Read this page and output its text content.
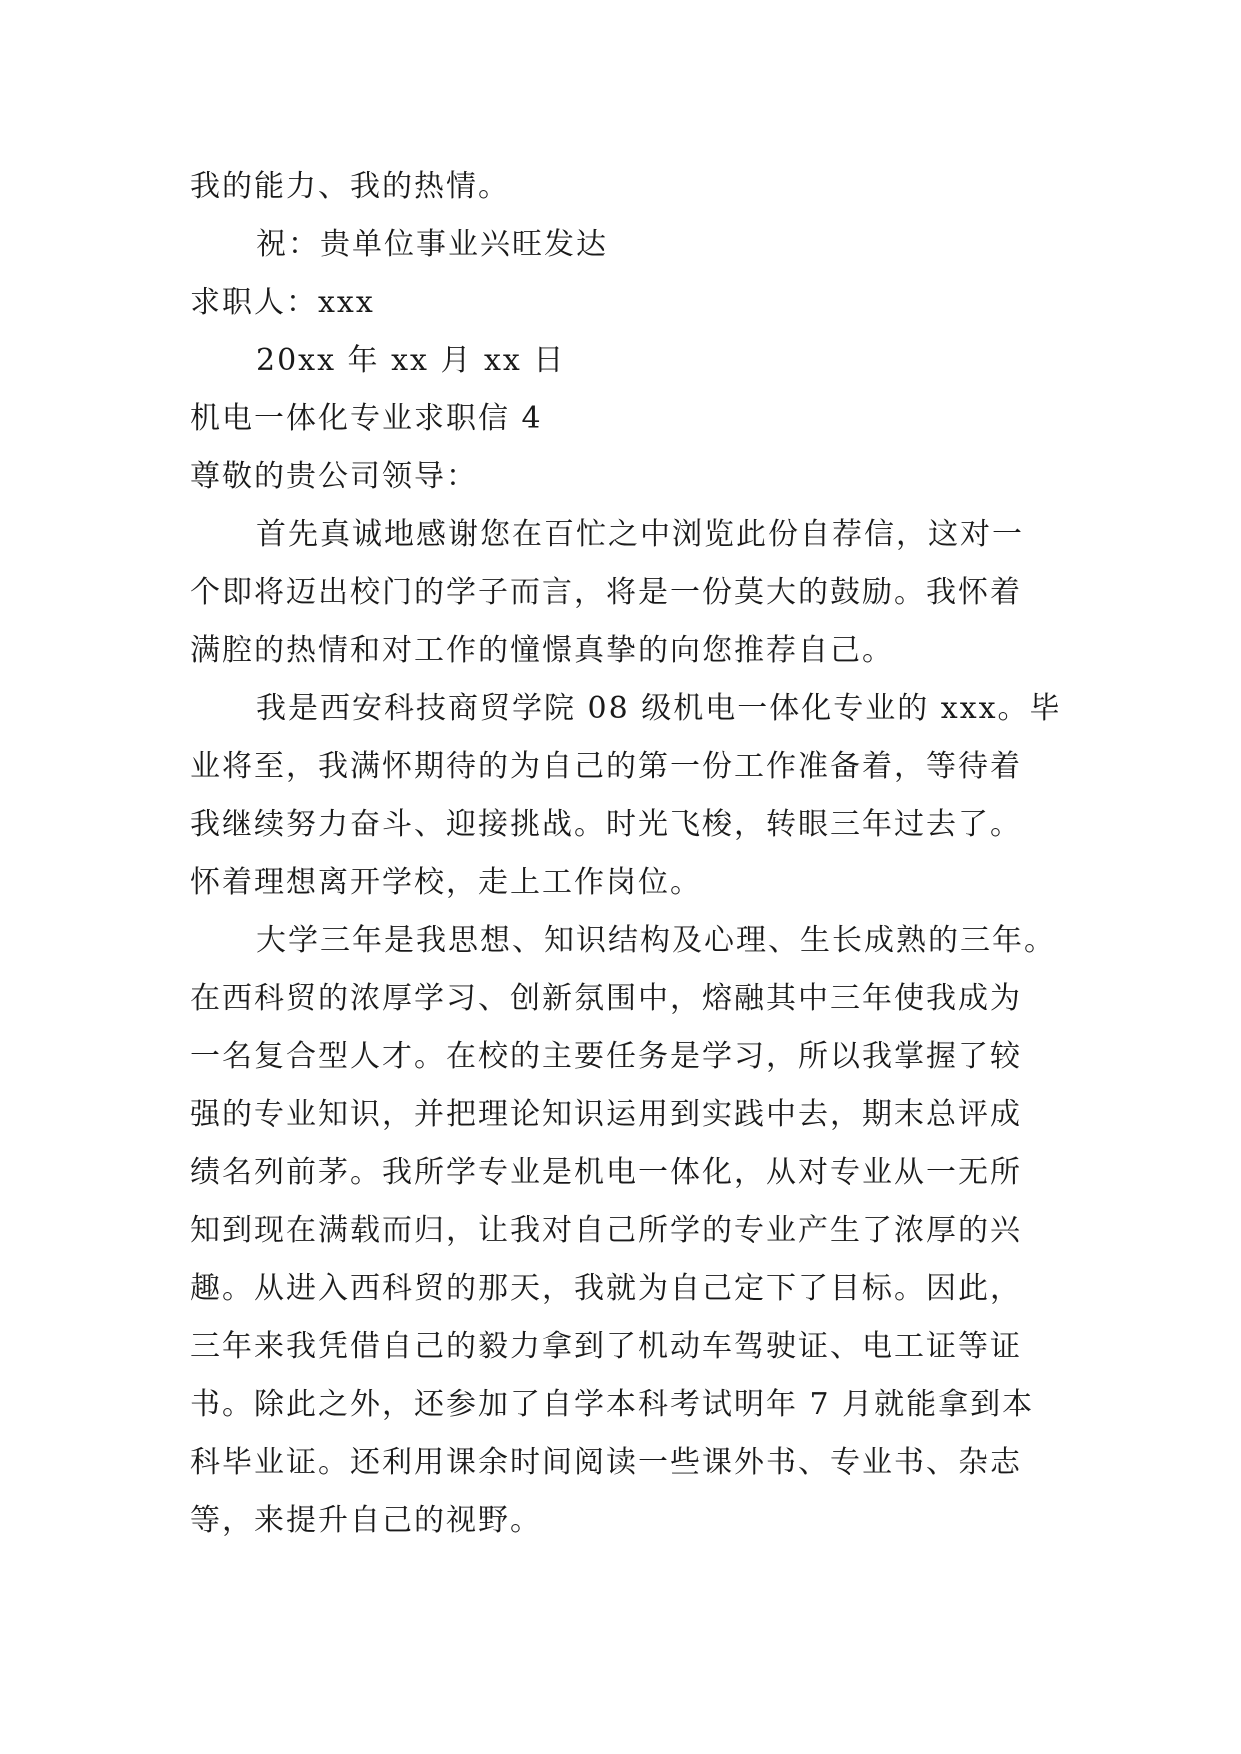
我的能力、我的热情。
祝：贵单位事业兴旺发达
求职人：xxx
20xx 年 xx 月 xx 日
机电一体化专业求职信 4
尊敬的贵公司领导：
首先真诚地感谢您在百忙之中浏览此份自荐信，这对一
个即将迈出校门的学子而言，将是一份莫大的鼓励。我怀着
满腔的热情和对工作的憧憬真挚的向您推荐自己。
我是西安科技商贸学院 08 级机电一体化专业的 xxx。毕
业将至，我满怀期待的为自己的第一份工作准备着，等待着
我继续努力奋斗、迎接挑战。时光飞梭，转眼三年过去了。
怀着理想离开学校，走上工作岗位。
大学三年是我思想、知识结构及心理、生长成熟的三年。
在西科贸的浓厚学习、创新氛围中，熔融其中三年使我成为
一名复合型人才。在校的主要任务是学习，所以我掌握了较
强的专业知识，并把理论知识运用到实践中去，期末总评成
绩名列前茅。我所学专业是机电一体化，从对专业从一无所
知到现在满载而归，让我对自己所学的专业产生了浓厚的兴
趣。从进入西科贸的那天，我就为自己定下了目标。因此，
三年来我凭借自己的毅力拿到了机动车驾驶证、电工证等证
书。除此之外，还参加了自学本科考试明年 7 月就能拿到本
科毕业证。还利用课余时间阅读一些课外书、专业书、杂志
等，来提升自己的视野。
